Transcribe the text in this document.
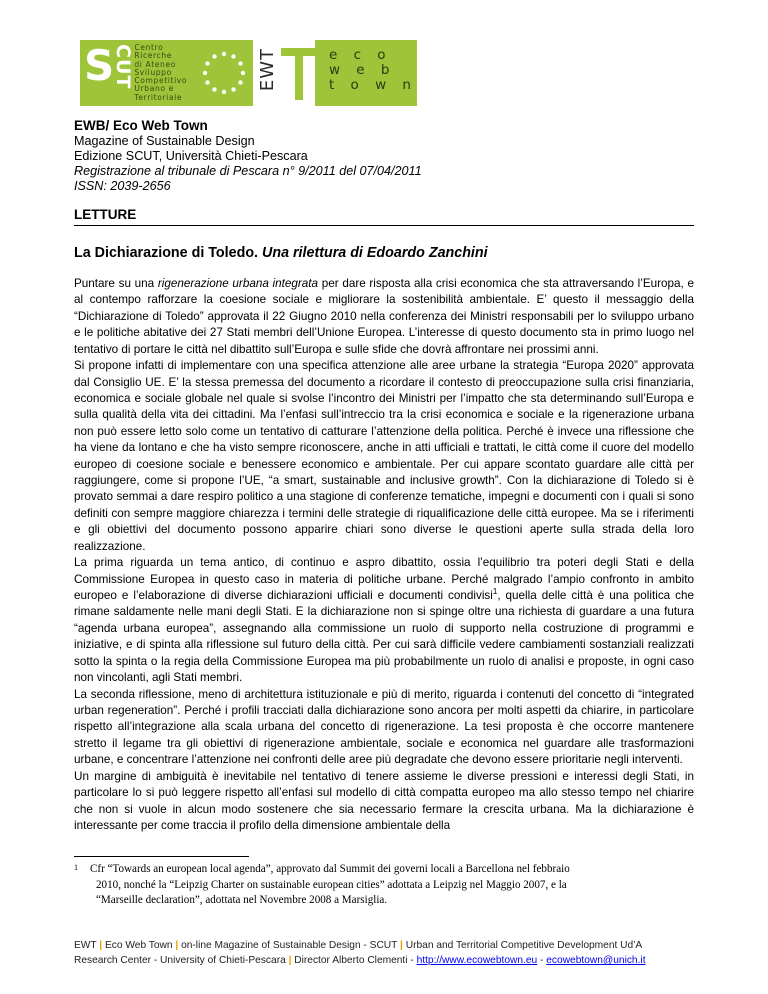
S
CUT Centro
Ricerche
di Ateneo
Sviluppo
Competitivo
Urbano e
Territoriale
EWT	e c o
w e b
t o w n
EWB/ Eco Web Town
Magazine of Sustainable Design
Edizione SCUT, Università Chieti-Pescara
Registrazione al tribunale di Pescara n° 9/2011 del 07/04/2011
ISSN: 2039-2656
LETTURE
La Dichiarazione di Toledo. Una rilettura di Edoardo Zanchini

Puntare su una rigenerazione urbana integrata per dare risposta alla crisi economica che sta attraversando l’Europa, e al contempo rafforzare la coesione sociale e migliorare la sostenibilità ambientale. E’ questo il messaggio della “Dichiarazione di Toledo” approvata il 22 Giugno 2010 nella conferenza dei Ministri responsabili per lo sviluppo urbano e le politiche abitative dei 27 Stati membri dell’Unione Europea. L’interesse di questo documento sta in primo luogo nel tentativo di portare le città nel dibattito sull’Europa e sulle sfide che dovrà affrontare nei prossimi anni.

Si propone infatti di implementare con una specifica attenzione alle aree urbane la strategia “Europa 2020” approvata dal Consiglio UE. E’ la stessa premessa del documento a ricordare il contesto di preoccupazione sulla crisi finanziaria, economica e sociale globale nel quale si svolse l’incontro dei Ministri per l’impatto che sta determinando sull’Europa e sulla qualità della vita dei cittadini. Ma l’enfasi sull’intreccio tra la crisi economica e sociale e la rigenerazione urbana non può essere letto solo come un tentativo di catturare l’attenzione della politica. Perché è invece una riflessione che ha viene da lontano e che ha visto sempre riconoscere, anche in atti ufficiali e trattati, le città come il cuore del modello europeo di coesione sociale e benessere economico e ambientale. Per cui appare scontato guardare alle città per raggiungere, come si propone l’UE, “a smart, sustainable and inclusive growth”. Con la dichiarazione di Toledo si è provato semmai a dare respiro politico a una stagione di conferenze tematiche, impegni e documenti con i quali si sono definiti con sempre maggiore chiarezza i termini delle strategie di riqualificazione delle città europee. Ma se i riferimenti e gli obiettivi del documento possono apparire chiari sono diverse le questioni aperte sulla strada della loro realizzazione.

La prima riguarda un tema antico, di continuo e aspro dibattito, ossia l’equilibrio tra poteri degli Stati e della Commissione Europea in questo caso in materia di politiche urbane. Perché malgrado l’ampio confronto in ambito europeo e l’elaborazione di diverse dichiarazioni ufficiali e documenti condivisi$^1$, quella delle città è una politica che rimane saldamente nelle mani degli Stati. E la dichiarazione non si spinge oltre una richiesta di guardare a una futura “agenda urbana europea”, assegnando alla commissione un ruolo di supporto nella costruzione di programmi e iniziative, e di spinta alla riflessione sul futuro della città. Per cui sarà difficile vedere cambiamenti sostanziali realizzati sotto la spinta o la regia della Commissione Europea ma più probabilmente un ruolo di analisi e proposte, in ogni caso non vincolanti, agli Stati membri.

La seconda riflessione, meno di architettura istituzionale e più di merito, riguarda i contenuti del concetto di “integrated urban regeneration”. Perché i profili tracciati dalla dichiarazione sono ancora per molti aspetti da chiarire, in particolare rispetto all’integrazione alla scala urbana del concetto di rigenerazione. La tesi proposta è che occorre mantenere stretto il legame tra gli obiettivi di rigenerazione ambientale, sociale e economica nel guardare alle trasformazioni urbane, e concentrare l’attenzione nei confronti delle aree più degradate che devono essere prioritarie negli interventi.

Un margine di ambiguità è inevitabile nel tentativo di tenere assieme le diverse pressioni e interessi degli Stati, in particolare lo si può leggere rispetto all’enfasi sul modello di città compatta europeo ma allo stesso tempo nel chiarire che non si vuole in alcun modo sostenere che sia necessario fermare la crescita urbana. Ma la dichiarazione è interessante per come traccia il profilo della dimensione ambientale della

1 Cfr “Towards an european local agenda”, approvato dal Summit dei governi locali a Barcellona nel febbraio
2010, nonché la “Leipzig Charter on sustainable european cities” adottata a Leipzig nel Maggio 2007, e la
“Marseille declaration”, adottata nel Novembre 2008 a Marsiglia.
EWT | Eco Web Town | on-line Magazine of Sustainable Design - SCUT | Urban and Territorial Competitive Development Ud’A
Research Center - University of Chieti-Pescara | Director Alberto Clementi - http://www.ecowebtown.eu - ecowebtown@unich.it
